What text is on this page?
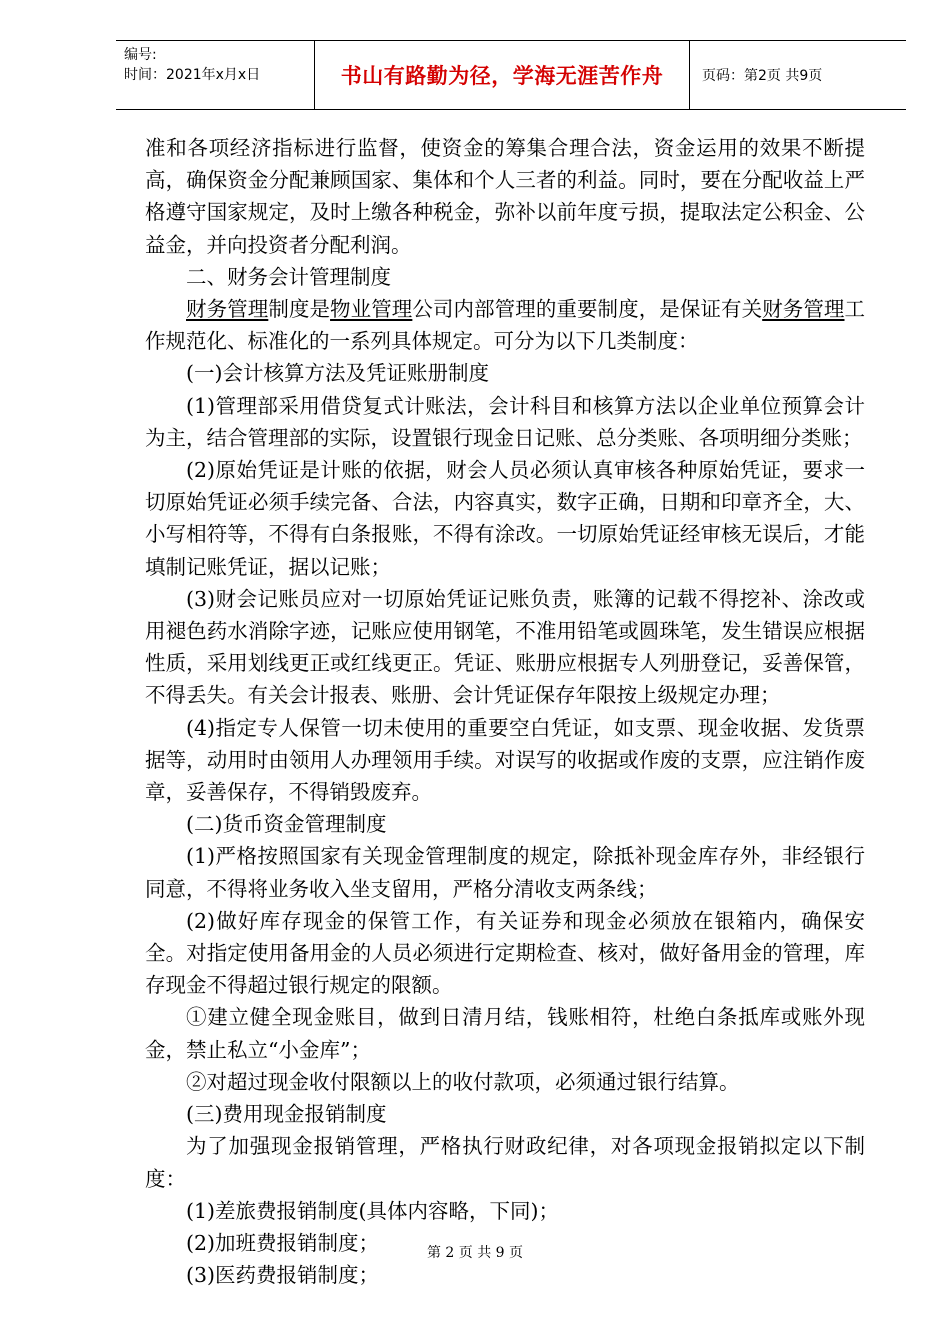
编号:
时间：2021年x月x日	书山有路勤为径，学海无涯苦作舟	页码：第2页 共9页

准和各项经济指标进行监督，使资金的筹集合理合法，资金运用的效果不断提高，确保资金分配兼顾国家、集体和个人三者的利益。同时，要在分配收益上严格遵守国家规定，及时上缴各种税金，弥补以前年度亏损，提取法定公积金、公益金，并向投资者分配利润。

二、财务会计管理制度

财务管理制度是物业管理公司内部管理的重要制度，是保证有关财务管理工作规范化、标准化的一系列具体规定。可分为以下几类制度：

(一)会计核算方法及凭证账册制度

(1)管理部采用借贷复式计账法，会计科目和核算方法以企业单位预算会计为主，结合管理部的实际，设置银行现金日记账、总分类账、各项明细分类账；

(2)原始凭证是计账的依据，财会人员必须认真审核各种原始凭证，要求一切原始凭证必须手续完备、合法，内容真实，数字正确，日期和印章齐全，大、小写相符等，不得有白条报账，不得有涂改。一切原始凭证经审核无误后，才能填制记账凭证，据以记账；

(3)财会记账员应对一切原始凭证记账负责，账簿的记载不得挖补、涂改或用褪色药水消除字迹，记账应使用钢笔，不准用铅笔或圆珠笔，发生错误应根据性质，采用划线更正或红线更正。凭证、账册应根据专人列册登记，妥善保管，不得丢失。有关会计报表、账册、会计凭证保存年限按上级规定办理；

(4)指定专人保管一切未使用的重要空白凭证，如支票、现金收据、发货票据等，动用时由领用人办理领用手续。对误写的收据或作废的支票，应注销作废章，妥善保存，不得销毁废弃。

(二)货币资金管理制度

(1)严格按照国家有关现金管理制度的规定，除抵补现金库存外，非经银行同意，不得将业务收入坐支留用，严格分清收支两条线；

(2)做好库存现金的保管工作，有关证券和现金必须放在银箱内，确保安全。对指定使用备用金的人员必须进行定期检查、核对，做好备用金的管理，库存现金不得超过银行规定的限额。

①建立健全现金账目，做到日清月结，钱账相符，杜绝白条抵库或账外现金，禁止私立“小金库”；

②对超过现金收付限额以上的收付款项，必须通过银行结算。

(三)费用现金报销制度

为了加强现金报销管理，严格执行财政纪律，对各项现金报销拟定以下制度：

(1)差旅费报销制度(具体内容略，下同)；

(2)加班费报销制度；

(3)医药费报销制度；

第 2 页 共 9 页
